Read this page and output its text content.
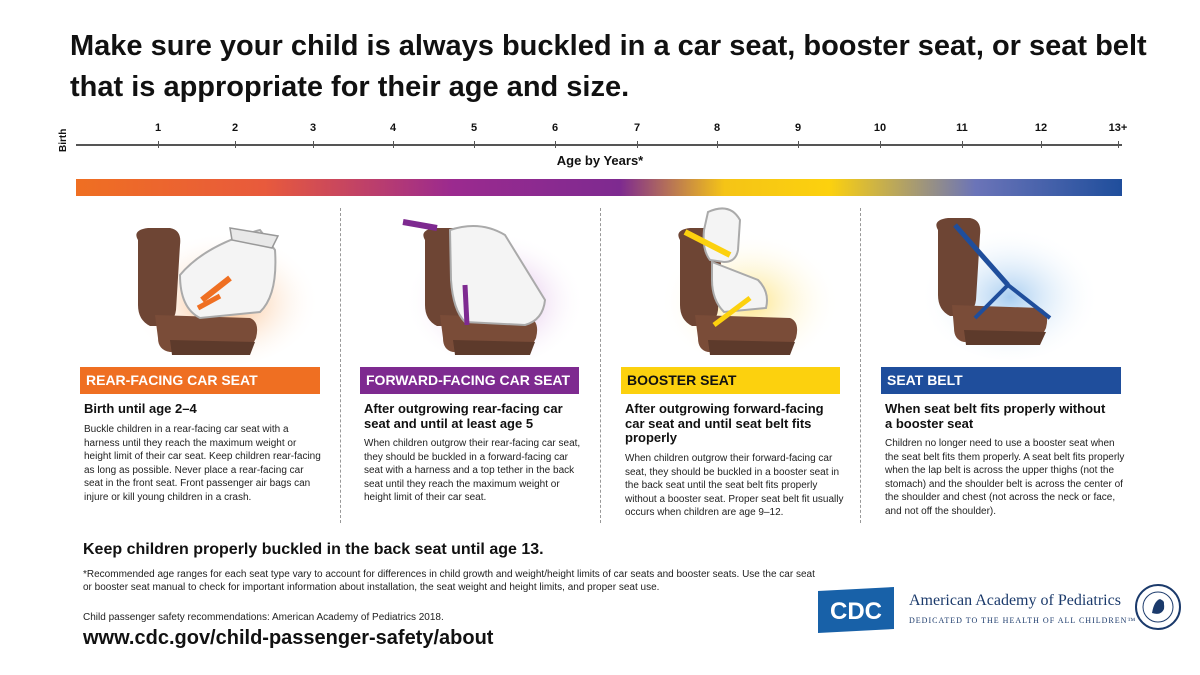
Make sure your child is always buckled in a car seat, booster seat, or seat belt that is appropriate for their age and size.
Birth
1	2	3	4	5	6	7	8	9	10	11	12	13+
Age by Years*
REAR-FACING CAR SEAT	FORWARD-FACING CAR SEAT	BOOSTER SEAT	SEAT BELT
Birth until age 2–4	After outgrowing rear-facing car seat and until at least age 5
After outgrowing forward-facing car seat and until seat belt fits properly
When seat belt fits properly without a booster seat
Buckle children in a rear-facing car seat with a harness until they reach the maximum weight or height limit of their car seat. Keep children rear-facing as long as possible. Never place a rear-facing car seat in the front seat. Front passenger air bags can injure or kill young children in a crash.
When children outgrow their rear-facing car seat, they should be buckled in a forward-facing car seat with a harness and a top tether in the back seat until they reach the maximum weight or height limit of their car seat.
When children outgrow their forward-facing car seat, they should be buckled in a booster seat in the back seat until the seat belt fits properly without a booster seat. Proper seat belt fit usually occurs when children are age 9–12.
Children no longer need to use a booster seat when the seat belt fits them properly. A seat belt fits properly when the lap belt is across the upper thighs (not the stomach) and the shoulder belt is across the center of the shoulder and chest (not across the neck or face, and not off the shoulder).
Keep children properly buckled in the back seat until age 13.
*Recommended age ranges for each seat type vary to account for differences in child growth and weight/height limits of car seats and booster seats. Use the car seat or booster seat manual to check for important information about installation, the seat weight and height limits, and proper seat use.
Child passenger safety recommendations: American Academy of Pediatrics 2018.
www.cdc.gov/child-passenger-safety/about
CDC American Academy of Pediatrics
DEDICATED TO THE HEALTH OF ALL CHILDREN™
